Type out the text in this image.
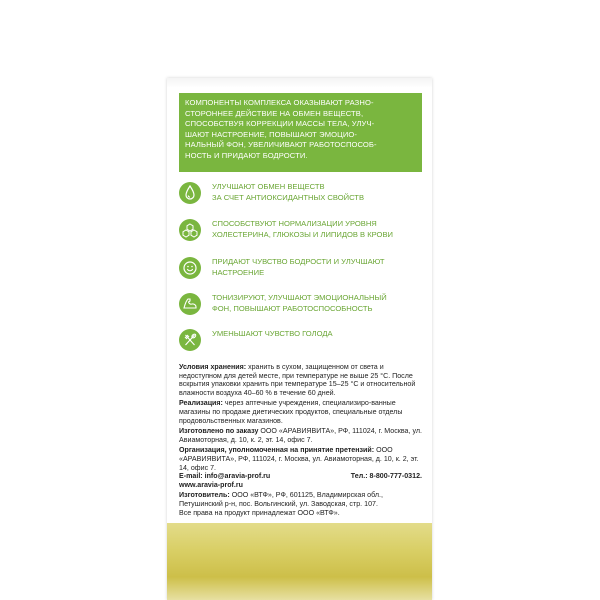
КОМПОНЕНТЫ КОМПЛЕКСА ОКАЗЫВАЮТ РАЗНО-
СТОРОННЕЕ ДЕЙСТВИЕ НА ОБМЕН ВЕЩЕСТВ,
СПОСОБСТВУЯ КОРРЕКЦИИ МАССЫ ТЕЛА, УЛУЧ-
ШАЮТ НАСТРОЕНИЕ, ПОВЫШАЮТ ЭМОЦИО-
НАЛЬНЫЙ ФОН, УВЕЛИЧИВАЮТ РАБОТОСПОСОБ-
НОСТЬ И ПРИДАЮТ БОДРОСТИ.

УЛУЧШАЮТ ОБМЕН ВЕЩЕСТВ
ЗА СЧЕТ АНТИОКСИДАНТНЫХ СВОЙСТВ
СПОСОБСТВУЮТ НОРМАЛИЗАЦИИ УРОВНЯ
ХОЛЕСТЕРИНА, ГЛЮКОЗЫ И ЛИПИДОВ В КРОВИ
ПРИДАЮТ ЧУВСТВО БОДРОСТИ И УЛУЧШАЮТ
НАСТРОЕНИЕ
ТОНИЗИРУЮТ, УЛУЧШАЮТ ЭМОЦИОНАЛЬНЫЙ
ФОН, ПОВЫШАЮТ РАБОТОСПОСОБНОСТЬ
УМЕНЬШАЮТ ЧУВСТВО ГОЛОДА

Условия хранения: хранить в сухом, защищенном от света и недоступном для детей месте, при температуре не выше 25 °С. После вскрытия упаковки хранить при температуре 15–25 °С и относительной влажности воздуха 40–60 % в течение 60 дней.

Реализация: через аптечные учреждения, специализиро-ванные магазины по продаже диетических продуктов, специальные отделы продовольственных магазинов.

Изготовлено по заказу ООО «АРАВИЯВИТА», РФ, 111024, г. Москва, ул. Авиамоторная, д. 10, к. 2, эт. 14, офис 7.

Организация, уполномоченная на принятие претензий: ООО «АРАВИЯВИТА», РФ, 111024, г. Москва, ул. Авиамоторная, д. 10, к. 2, эт. 14, офис 7.

E-mail: info@aravia-prof.ru	Тел.: 8-800-777-0312.

www.aravia-prof.ru

Изготовитель: ООО «ВТФ», РФ, 601125, Владимирская обл., Петушинский р-н, пос. Вольгинский, ул. Заводская, стр. 107.

Все права на продукт принадлежат ООО «ВТФ».
